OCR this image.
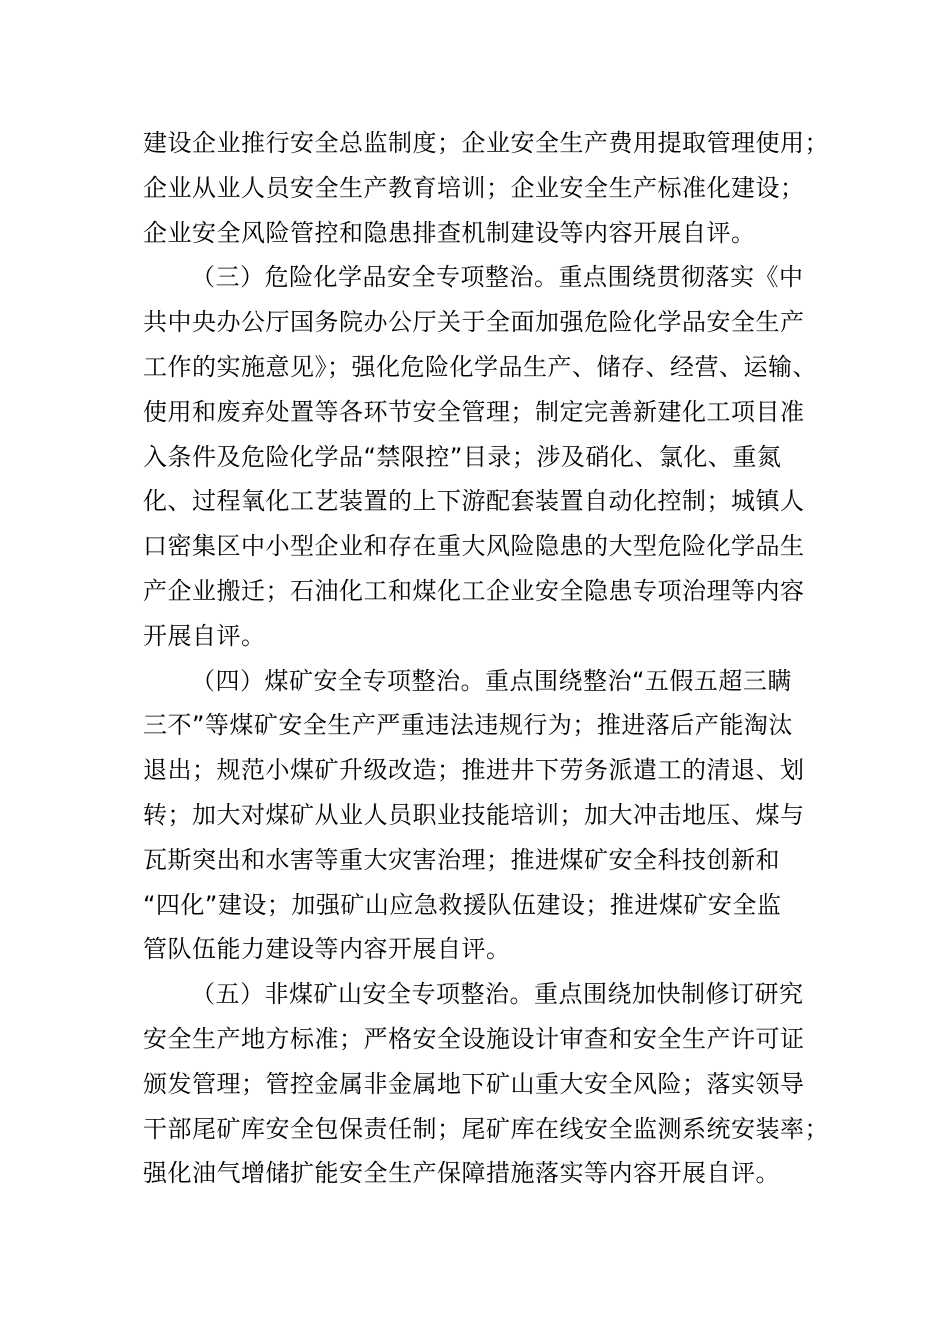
建设企业推行安全总监制度；企业安全生产费用提取管理使用；
企业从业人员安全生产教育培训；企业安全生产标准化建设；
企业安全风险管控和隐患排查机制建设等内容开展自评。
（三）危险化学品安全专项整治。重点围绕贯彻落实《中
共中央办公厅国务院办公厅关于全面加强危险化学品安全生产
工作的实施意见》；强化危险化学品生产、储存、经营、运输、
使用和废弃处置等各环节安全管理；制定完善新建化工项目准
入条件及危险化学品“禁限控”目录；涉及硝化、氯化、重氮
化、过程氧化工艺装置的上下游配套装置自动化控制；城镇人
口密集区中小型企业和存在重大风险隐患的大型危险化学品生
产企业搬迁；石油化工和煤化工企业安全隐患专项治理等内容
开展自评。
（四）煤矿安全专项整治。重点围绕整治“五假五超三瞒
三不”等煤矿安全生产严重违法违规行为；推进落后产能淘汰
退出；规范小煤矿升级改造；推进井下劳务派遣工的清退、划
转；加大对煤矿从业人员职业技能培训；加大冲击地压、煤与
瓦斯突出和水害等重大灾害治理；推进煤矿安全科技创新和
“四化”建设；加强矿山应急救援队伍建设；推进煤矿安全监
管队伍能力建设等内容开展自评。
（五）非煤矿山安全专项整治。重点围绕加快制修订研究
安全生产地方标准；严格安全设施设计审查和安全生产许可证
颁发管理；管控金属非金属地下矿山重大安全风险；落实领导
干部尾矿库安全包保责任制；尾矿库在线安全监测系统安装率；
强化油气增储扩能安全生产保障措施落实等内容开展自评。
